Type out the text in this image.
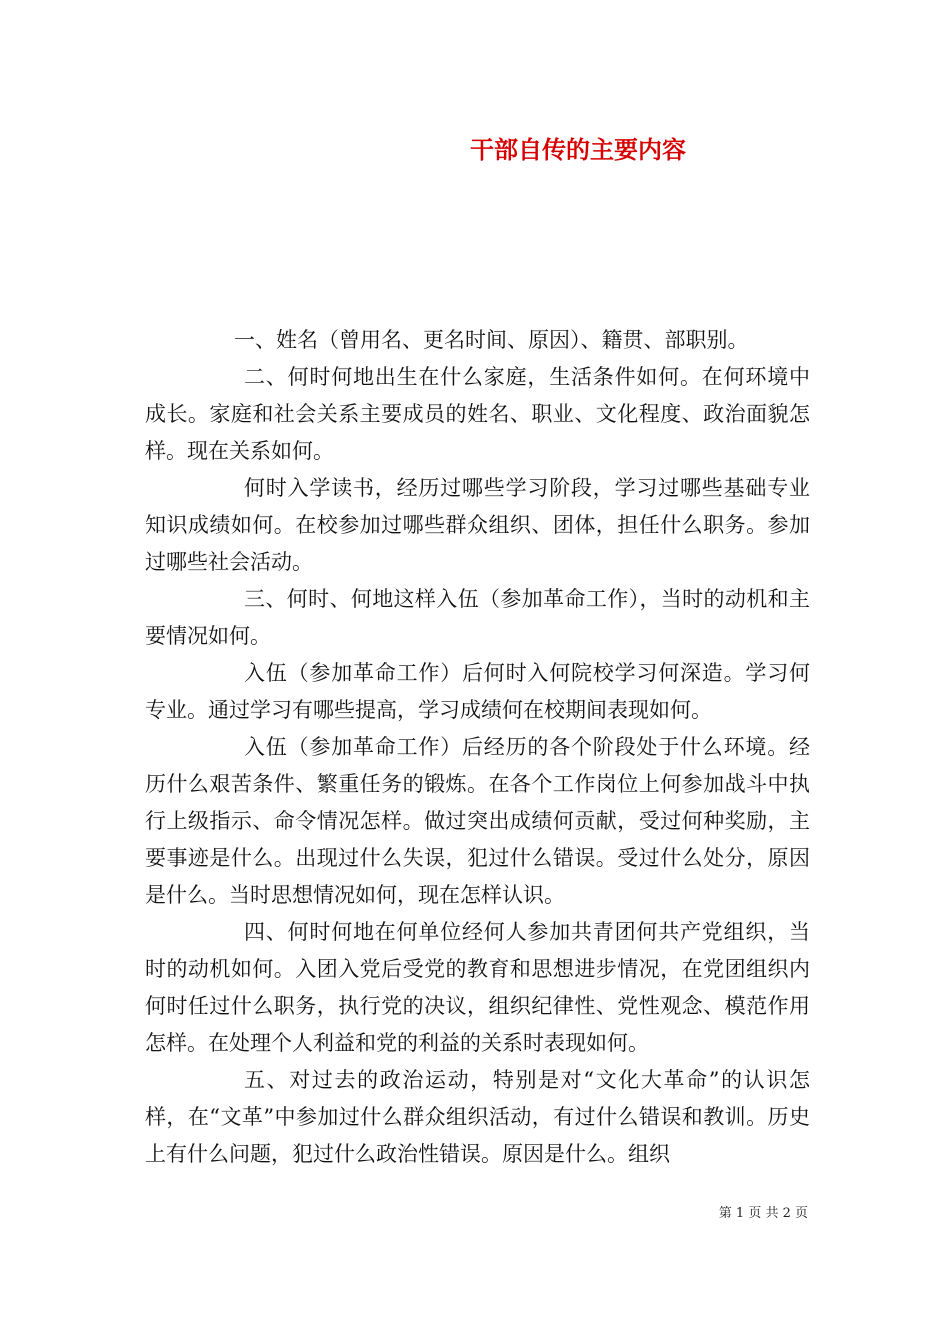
干部自传的主要内容

一、姓名（曾用名、更名时间、原因）、籍贯、部职别。

二、何时何地出生在什么家庭，生活条件如何。在何环境中成长。家庭和社会关系主要成员的姓名、职业、文化程度、政治面貌怎样。现在关系如何。

何时入学读书，经历过哪些学习阶段，学习过哪些基础专业知识成绩如何。在校参加过哪些群众组织、团体，担任什么职务。参加过哪些社会活动。

三、何时、何地这样入伍（参加革命工作），当时的动机和主要情况如何。

入伍（参加革命工作）后何时入何院校学习何深造。学习何专业。通过学习有哪些提高，学习成绩何在校期间表现如何。

入伍（参加革命工作）后经历的各个阶段处于什么环境。经历什么艰苦条件、繁重任务的锻炼。在各个工作岗位上何参加战斗中执行上级指示、命令情况怎样。做过突出成绩何贡献，受过何种奖励，主要事迹是什么。出现过什么失误，犯过什么错误。受过什么处分，原因是什么。当时思想情况如何，现在怎样认识。

四、何时何地在何单位经何人参加共青团何共产党组织，当时的动机如何。入团入党后受党的教育和思想进步情况，在党团组织内何时任过什么职务，执行党的决议，组织纪律性、党性观念、模范作用怎样。在处理个人利益和党的利益的关系时表现如何。

五、对过去的政治运动，特别是对“文化大革命”的认识怎样，在“文革”中参加过什么群众组织活动，有过什么错误和教训。历史上有什么问题，犯过什么政治性错误。原因是什么。组织

第 1 页 共 2 页
